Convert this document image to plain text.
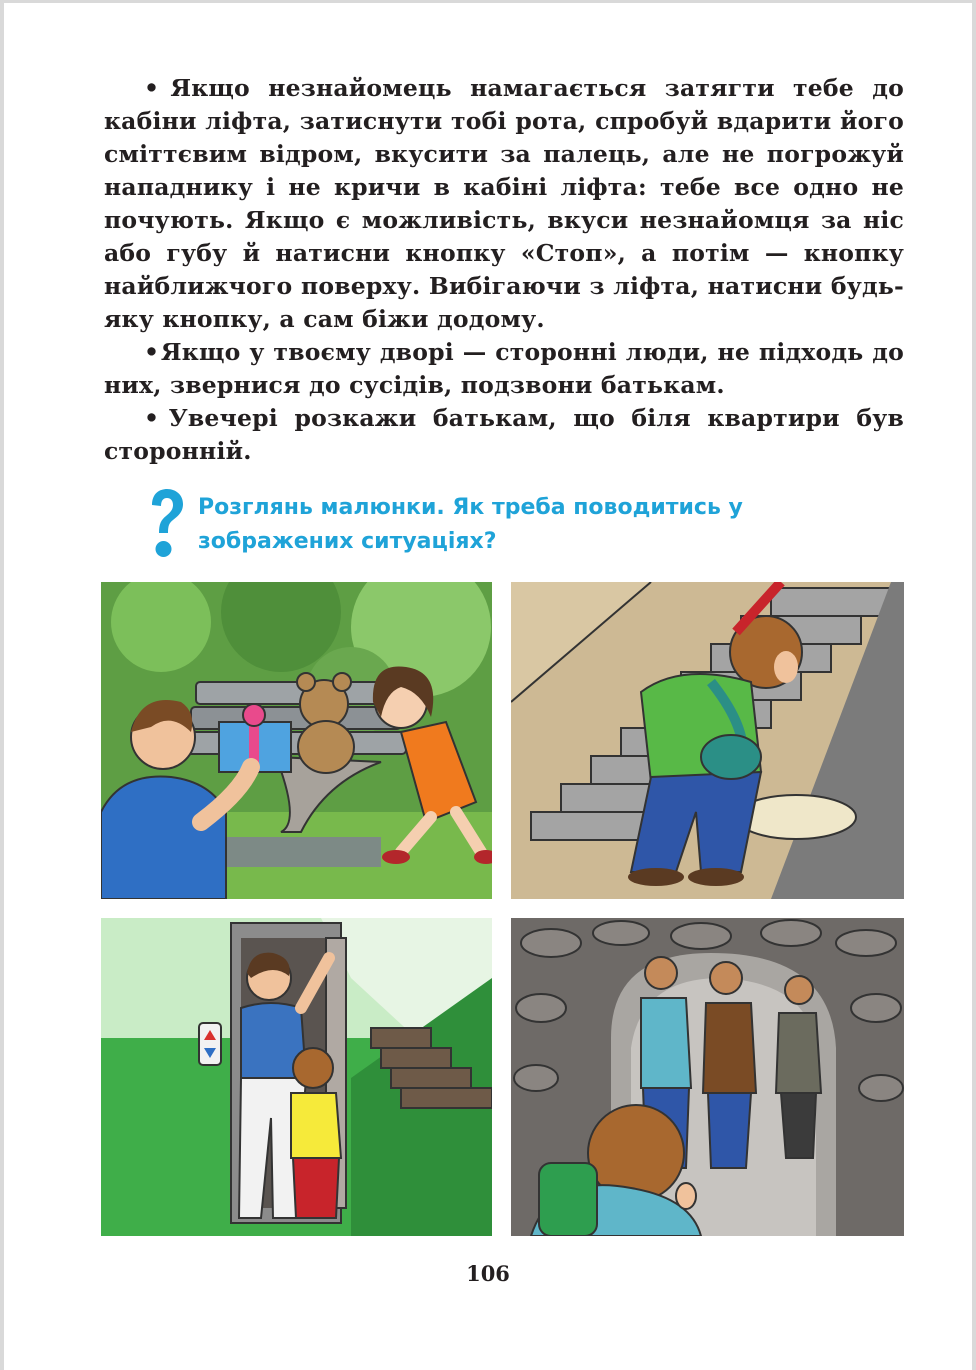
• Якщо незнайомець намагається затягти тебе до кабіни ліфта, затиснути тобі рота, спробуй вдарити його сміттєвим відром, вкусити за палець, але не погрожуй нападнику і не кричи в кабіні ліфта: тебе все одно не почують. Якщо є можливість, вкуси незнайомця за ніс або губу й натисни кнопку «Стоп», а потім — кнопку найближчого поверху. Вибігаючи з ліфта, натисни будь-яку кнопку, а сам біжи додому.

• Якщо у твоєму дворі — сторонні люди, не підходь до них, звернися до сусідів, подзвони батькам.

• Увечері розкажи батькам, що біля квартири був сторонній.

Розглянь малюнки. Як треба поводитись у зображених ситуаціях?
106
